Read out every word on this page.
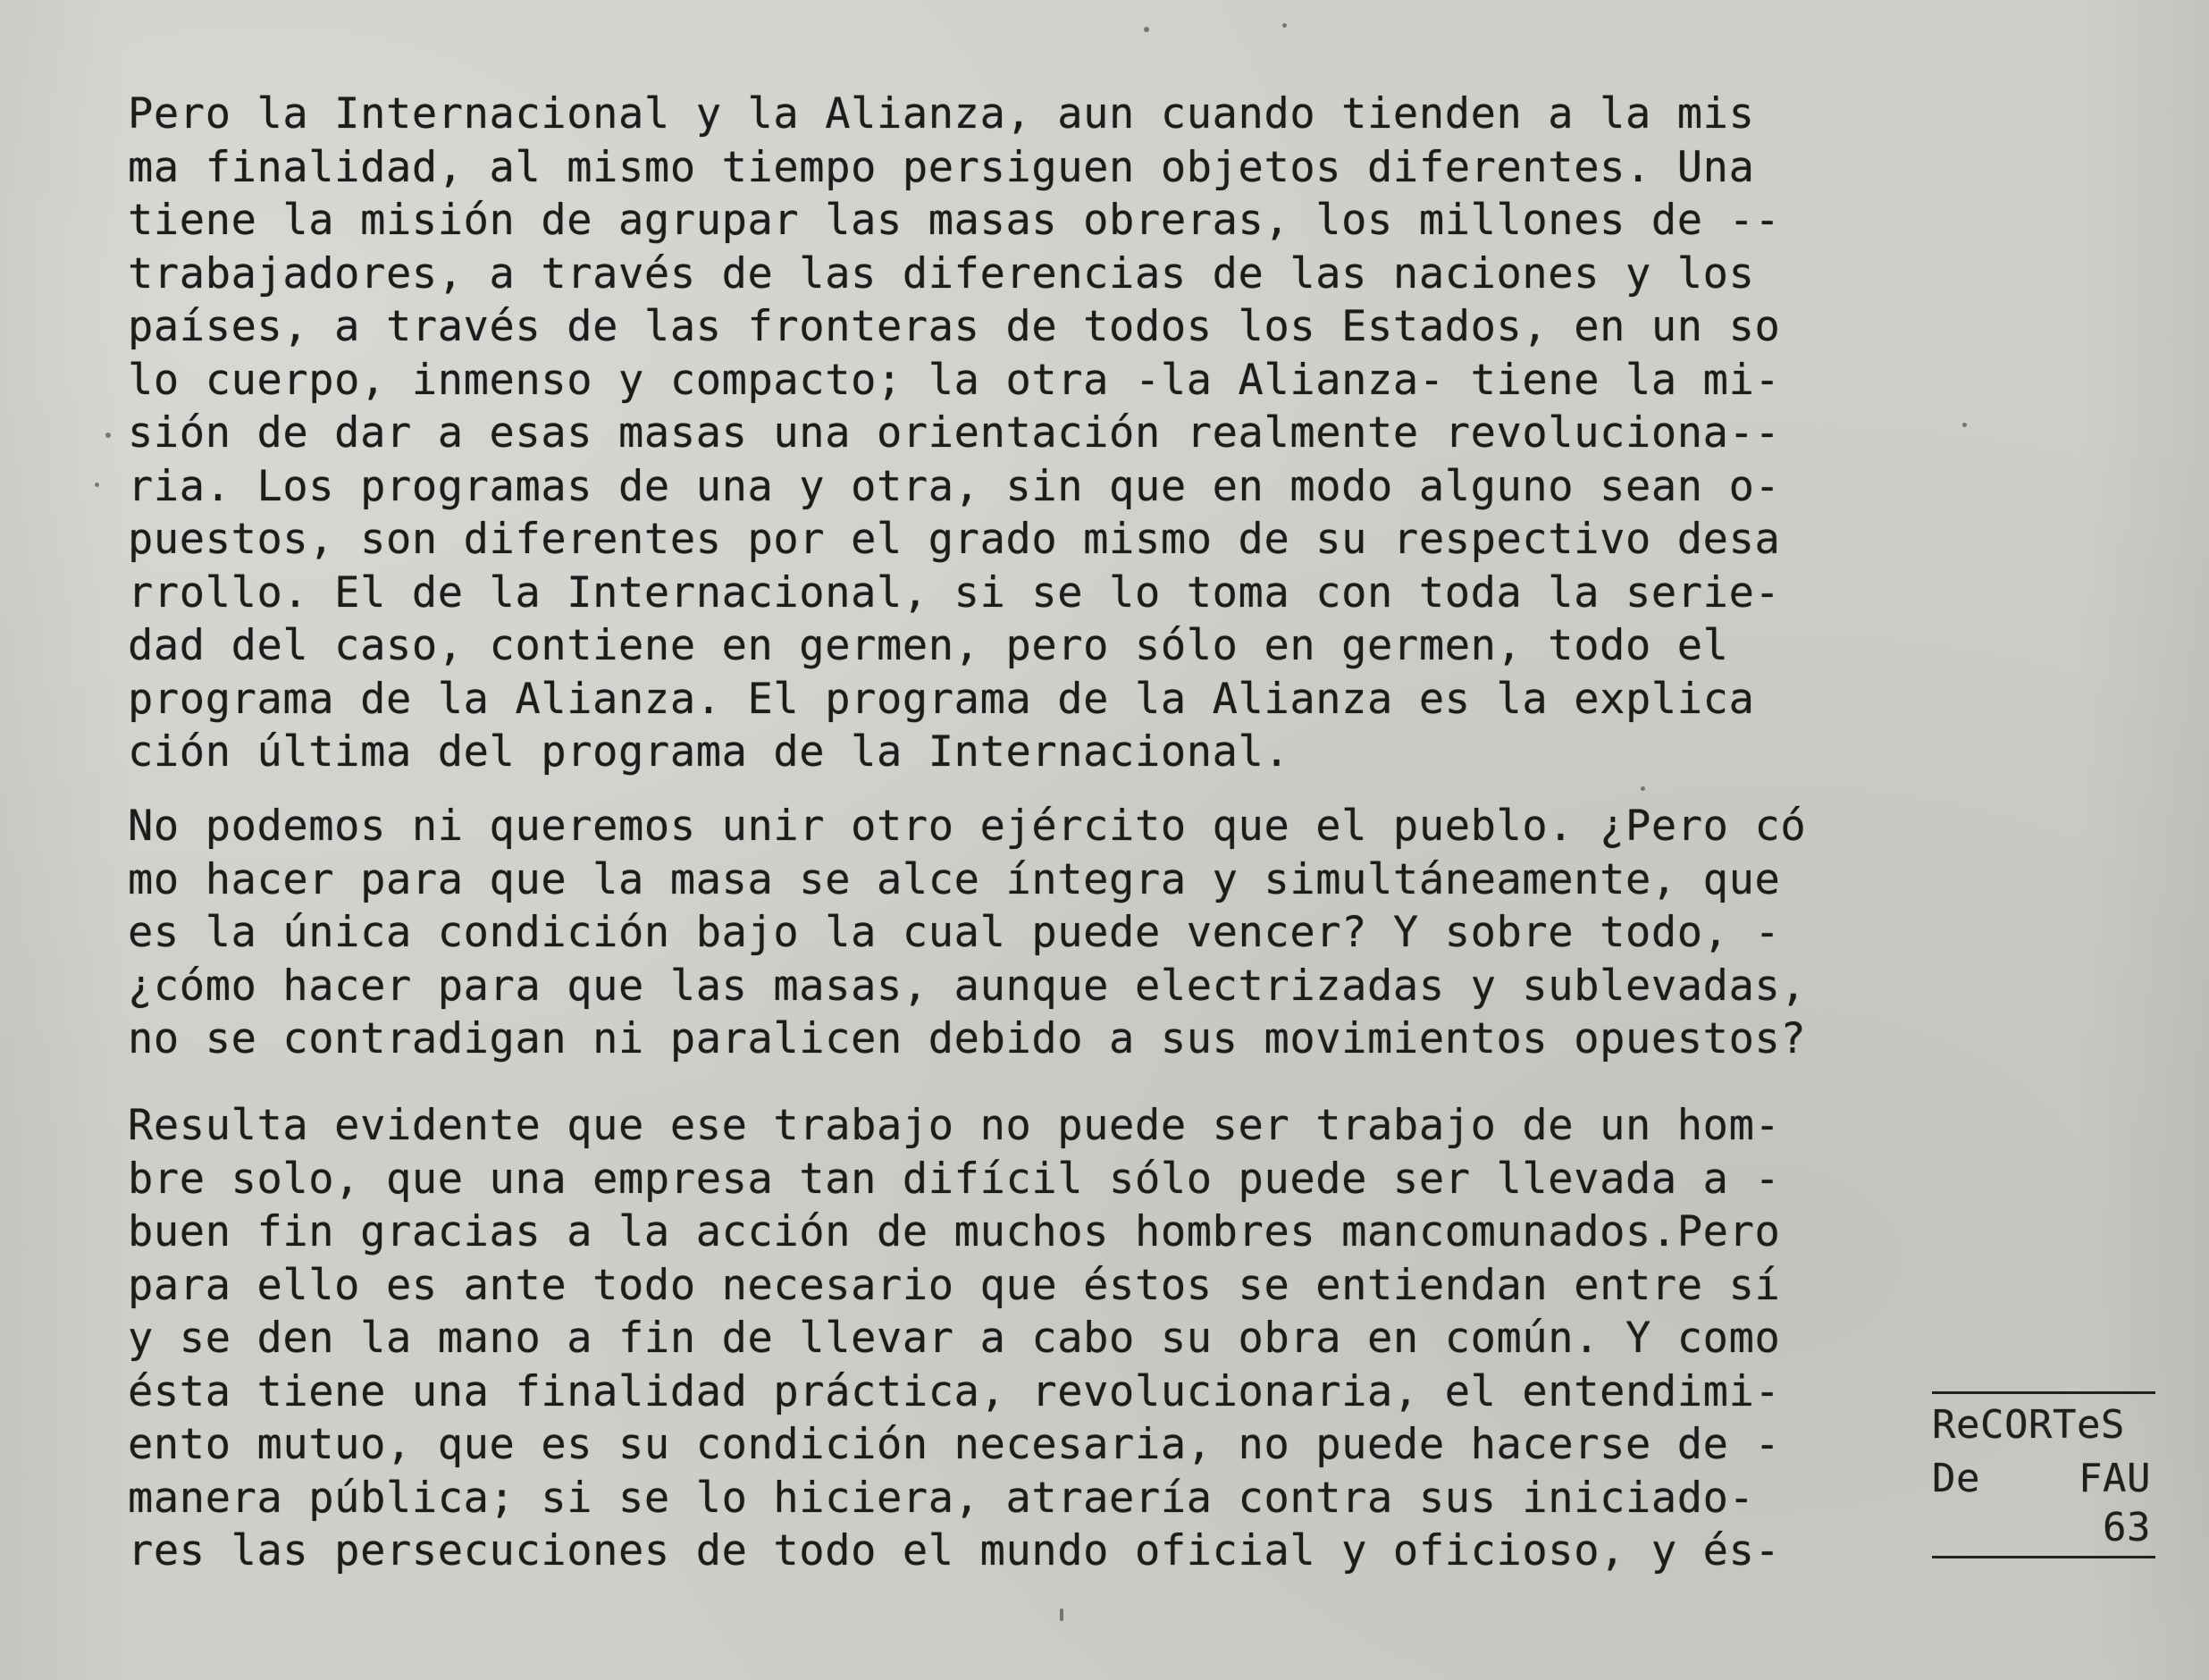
Pero la Internacional y la Alianza, aun cuando tienden a la mis
ma finalidad, al mismo tiempo persiguen objetos diferentes. Una
tiene la misión de agrupar las masas obreras, los millones de --
trabajadores, a través de las diferencias de las naciones y los
países, a través de las fronteras de todos los Estados, en un so
lo cuerpo, inmenso y compacto; la otra -la Alianza- tiene la mi-
sión de dar a esas masas una orientación realmente revoluciona--
ria. Los programas de una y otra, sin que en modo alguno sean o-
puestos, son diferentes por el grado mismo de su respectivo desa
rrollo. El de la Internacional, si se lo toma con toda la serie-
dad del caso, contiene en germen, pero sólo en germen, todo el
programa de la Alianza. El programa de la Alianza es la explica
ción última del programa de la Internacional.
No podemos ni queremos unir otro ejército que el pueblo. ¿Pero có
mo hacer para que la masa se alce íntegra y simultáneamente, que
es la única condición bajo la cual puede vencer? Y sobre todo, -
¿cómo hacer para que las masas, aunque electrizadas y sublevadas,
no se contradigan ni paralicen debido a sus movimientos opuestos?
Resulta evidente que ese trabajo no puede ser trabajo de un hom-
bre solo, que una empresa tan difícil sólo puede ser llevada a -
buen fin gracias a la acción de muchos hombres mancomunados.Pero
para ello es ante todo necesario que éstos se entiendan entre sí
y se den la mano a fin de llevar a cabo su obra en común. Y como
ésta tiene una finalidad práctica, revolucionaria, el entendimi-
ento mutuo, que es su condición necesaria, no puede hacerse de -
manera pública; si se lo hiciera, atraería contra sus iniciado-
res las persecuciones de todo el mundo oficial y oficioso, y és-
ReCORTeS
De	FAU
63
